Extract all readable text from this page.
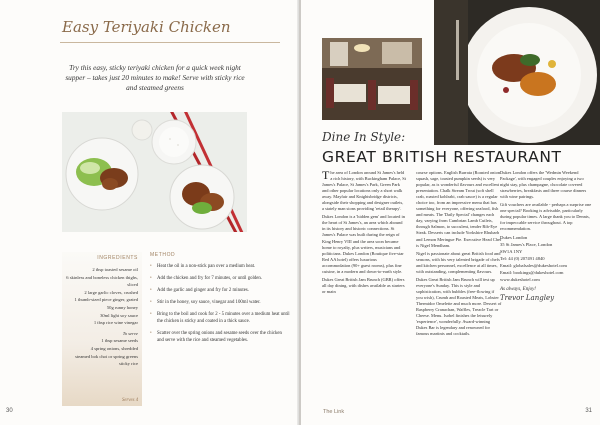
Easy Teriyaki Chicken
Try this easy, sticky teriyaki chicken for a quick week night supper – takes just 20 minutes to make! Serve with sticky rice and steamed greens
INGREDIENTS
2 tbsp toasted sesame oil
6 skinless and boneless chicken thighs, sliced
2 large garlic cloves, crushed
1 thumb-sized piece ginger, grated
50g runny honey
30ml light soy sauce
1 tbsp rice wine vinegar
To serve
1 tbsp sesame seeds
4 spring onions, shredded
steamed bok choi or spring greens
sticky rice
METHOD
• Heat the oil in a non-stick pan over a medium heat.
• Add the chicken and fry for 7 minutes, or until golden.
• Add the garlic and ginger and fry for 2 minutes.
• Stir in the honey, soy sauce, vinegar and 100ml water.
• Bring to the boil and cook for 2 - 5 minutes over a medium heat until the chicken is sticky and coated in a thick sauce.
• Scatter over the spring onions and sesame seeds over the chicken and serve with the rice and steamed vegetables.
Serves 4
30
Dine In Style:
GREAT BRITISH RESTAURANT

The area of London around St James's held a rich history, with Buckingham Palace, St James's Palace, St James's Park, Green Park and other popular locations only a short walk away. Mayfair and Knightsbridge districts, alongside their shopping and designer outlets, a stately man sions providing 'retail therapy'.

Dukes London is a 'hidden gem' and located in the heart of St James's, an area which abound in its history and historic connections. St James's Palace was built during the reign of King Henry VIII and the area soon became home to royalty, plus writers, musicians and politicians. Dukes London (Boutique five-star Red AA hotel) offers luxurious accommodation (90+ guest rooms), plus fine cuisine, in a modern and down-to-earth style.

Dukes Great British Jam Brunch (GBR) offers all day dining, with dishes available as starters or main

course options. English Burrata (Roasted onion squash, sage, toasted pumpkin seeds) is very popular, as is wonderful flavours and excellent presentation. Chalk Stream Trout (soft shell crab, roasted kohlrabi, crab sauce) is a regular choice too, from an impressive menu that has something for everyone, offering seafood, fish and meats. The 'Daily Special' changes each day, varying from Cumbrian Lamb Cutlets, through Salmon, to succulent, tender Rib-Eye Steak. Desserts can include Yorkshire Rhubarb and Lemon Meringue Pie. Executive Head Chef is Nigel Mendham.

Nigel is passionate about great British food and seasons, with his very talented brigade of chefs and kitchen personnel, excellence at all times, with outstanding, complementing flavours.

Dukes Great British Jam Brunch will test up everyone's Sunday. This is style and sophistication, with bubbles (free-flowing if you wish), Crumb and Roasted Meats, Lobster Thermidor Omelette and much more. Dessert of Raspberry Cranachan, Waffles, Treacle Tart or Cheese. Menu. Isobel finishes the leisurely 'experience', wonderfully. Award-winning Dukes Bar is legendary and renowned for famous martinis and cocktails.

Dukes London offers the 'Wedmin Weekend Package', with engaged couples enjoying a two night stay, plus champagne, chocolate covered strawberries, breakfasts and three course dinners with wine pairings.

Gift vouchers are available - perhaps a surprise one one special? Booking is advisable, particularly during popular times. A large thank you to Dennis, for impeccable service throughout. A top recommendation.

Dukes London
35 St James's Place, London
SW1A 1NY
Tel: 44 (0) 207491 4840
Email: globalsales@dukeshotel.com
Email: bookings@dukeshotel.com
www.dukeshotel.com
As always, Enjoy!
Trevor Langley
The Link	31
